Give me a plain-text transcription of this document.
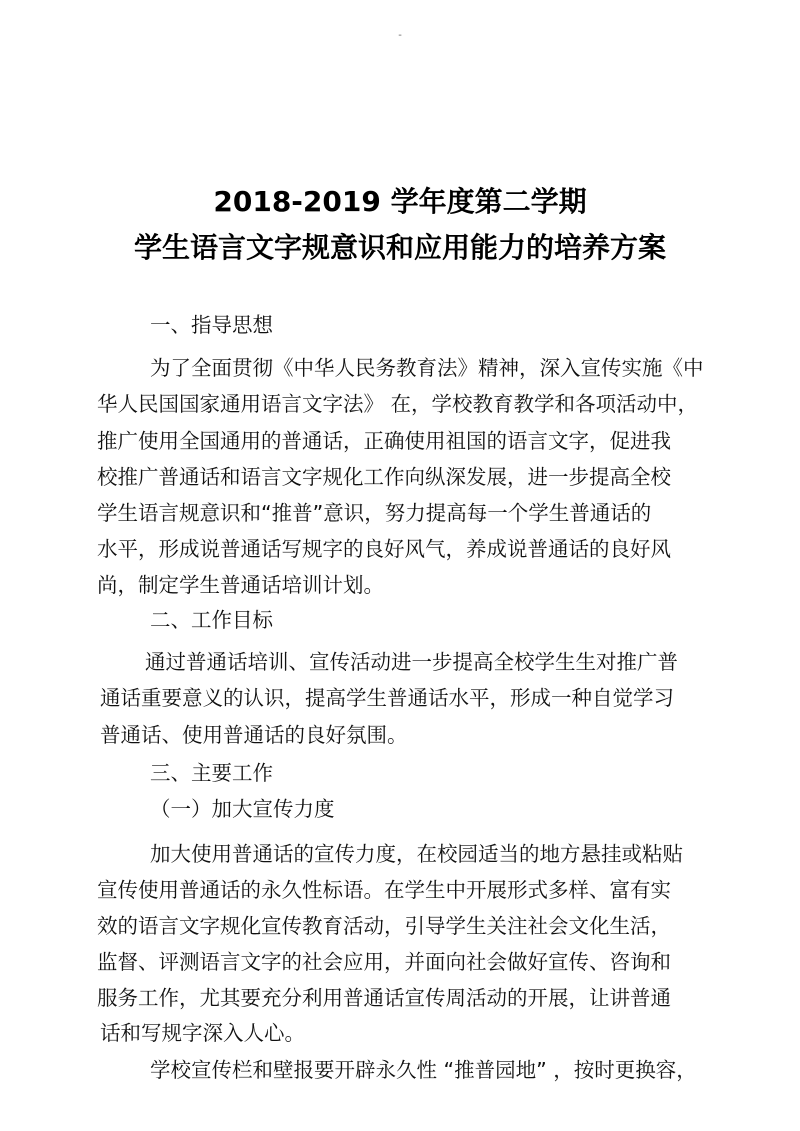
-
2018-2019 学年度第二学期
学生语言文字规意识和应用能力的培养方案
一、指导思想
为了全面贯彻《中华人民务教育法》精神，深入宣传实施《中
华人民国国家通用语言文字法》 在，学校教育教学和各项活动中，
推广使用全国通用的普通话，正确使用祖国的语言文字，促进我
校推广普通话和语言文字规化工作向纵深发展，进一步提高全校
学生语言规意识和“推普”意识，努力提高每一个学生普通话的
水平，形成说普通话写规字的良好风气，养成说普通话的良好风
尚，制定学生普通话培训计划。
二、工作目标
通过普通话培训、宣传活动进一步提高全校学生生对推广普
通话重要意义的认识，提高学生普通话水平，形成一种自觉学习
普通话、使用普通话的良好氛围。
三、主要工作
（一）加大宣传力度
加大使用普通话的宣传力度，在校园适当的地方悬挂或粘贴
宣传使用普通话的永久性标语。在学生中开展形式多样、富有实
效的语言文字规化宣传教育活动，引导学生关注社会文化生活，
监督、评测语言文字的社会应用，并面向社会做好宣传、咨询和
服务工作，尤其要充分利用普通话宣传周活动的开展，让讲普通
话和写规字深入人心。
学校宣传栏和壁报要开辟永久性 “推普园地” ，按时更换容，
